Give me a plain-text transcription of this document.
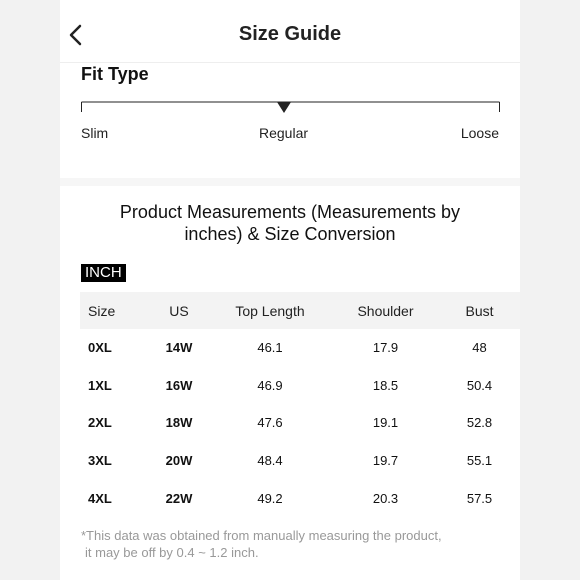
Size Guide
Fit Type
Slim	Regular	Loose
Product Measurements (Measurements by
inches) & Size Conversion
INCH
Size	US	Top Length	Shoulder	Bust
0XL	14W	46.1	17.9	48
1XL	16W	46.9	18.5	50.4
2XL	18W	47.6	19.1	52.8
3XL	20W	48.4	19.7	55.1
4XL	22W	49.2	20.3	57.5
*This data was obtained from manually measuring the product,
it may be off by 0.4 ~ 1.2 inch.
